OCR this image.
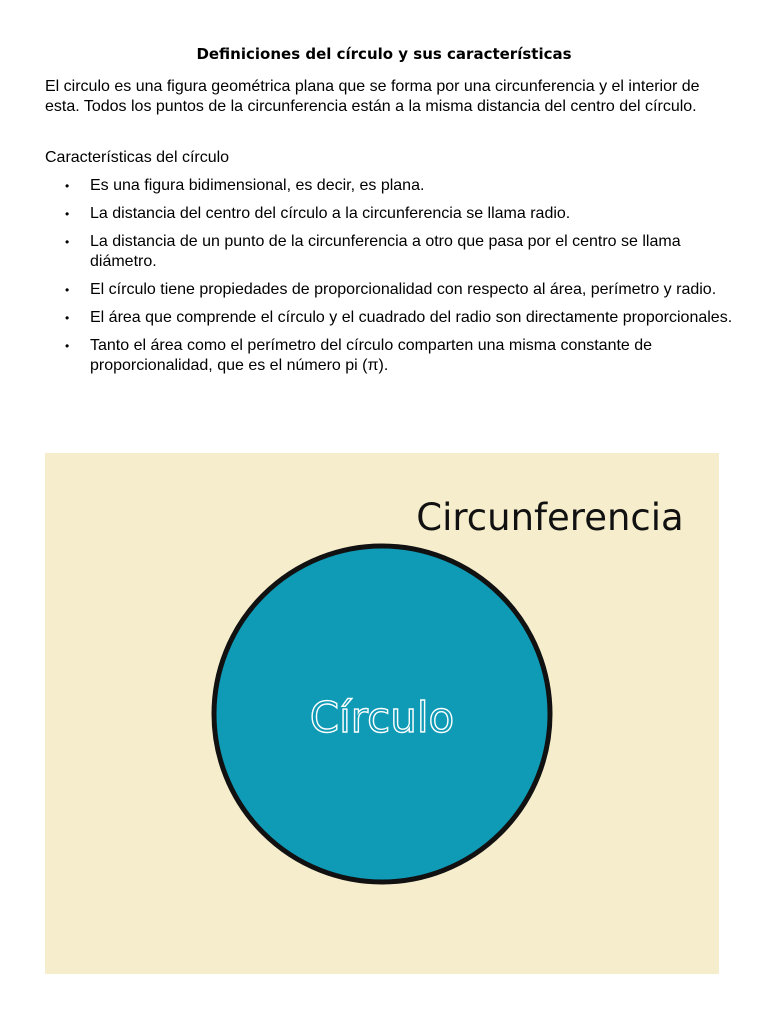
Definiciones del círculo y sus características

El circulo es una figura geométrica plana que se forma por una circunferencia y el interior de esta. Todos los puntos de la circunferencia están a la misma distancia del centro del círculo.

Características del círculo

• Es una figura bidimensional, es decir, es plana.
• La distancia del centro del círculo a la circunferencia se llama radio.
• La distancia de un punto de la circunferencia a otro que pasa por el centro se llama diámetro.
• El círculo tiene propiedades de proporcionalidad con respecto al área, perímetro y radio.
• El área que comprende el círculo y el cuadrado del radio son directamente proporcionales.
• Tanto el área como el perímetro del círculo comparten una misma constante de proporcionalidad, que es el número pi (π).
Circunferencia
Círculo
